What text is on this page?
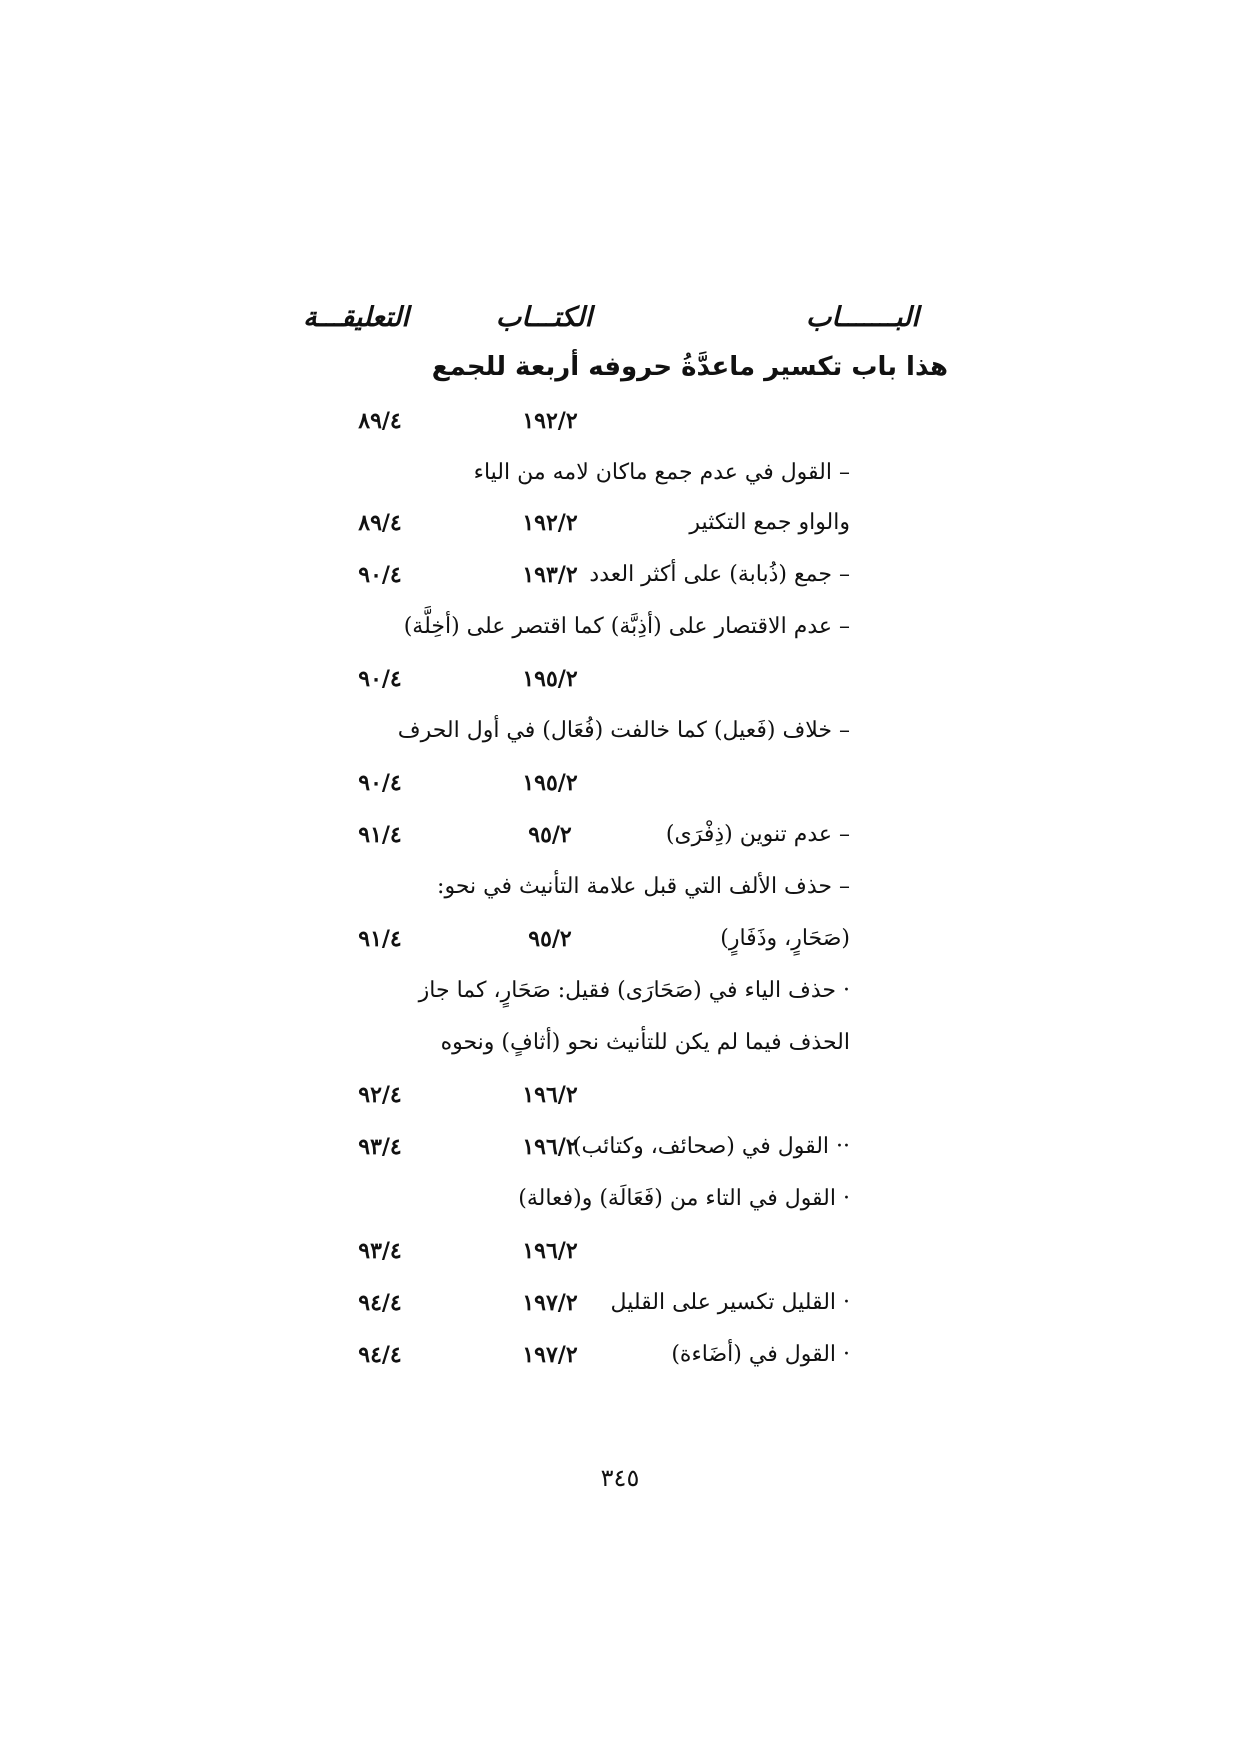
البـــــــاب
الكتـــاب
التعليقـــة
هذا باب تكسير ماعدَّةُ حروفه أربعة للجمع
١٩٢/٢
٨٩/٤
– القول في عدم جمع ماكان لامه من الياء
والواو جمع التكثير
١٩٢/٢
٨٩/٤
– جمع (ذُبابة) على أكثر العدد
١٩٣/٢
٩٠/٤
– عدم الاقتصار على (أذِبَّة) كما اقتصر على (أخِلَّة)
١٩٥/٢
٩٠/٤
– خلاف (فَعيل) كما خالفت (فُعَال) في أول الحرف
١٩٥/٢
٩٠/٤
– عدم تنوين (ذِفْرَى)
٩٥/٢
٩١/٤
– حذف الألف التي قبل علامة التأنيث في نحو:
(صَحَارٍ، وذَفَارٍ)
٩٥/٢
٩١/٤
· حذف الياء في (صَحَارَى) فقيل: صَحَارٍ، كما جاز
الحذف فيما لم يكن للتأنيث نحو (أثافٍ) ونحوه
١٩٦/٢
٩٢/٤
·· القول في (صحائف، وكتائب)
١٩٦/٢
٩٣/٤
· القول في التاء من (فَعَالَة) و(فعالة)
١٩٦/٢
٩٣/٤
· القليل تكسير على القليل
١٩٧/٢
٩٤/٤
· القول في (أضَاءة)
١٩٧/٢
٩٤/٤
٣٤٥
